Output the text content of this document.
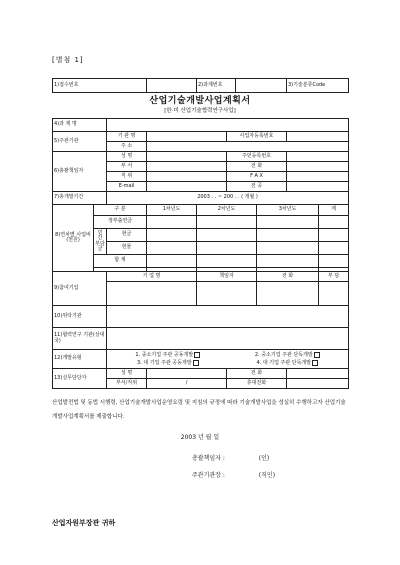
[별첨 1]
1)접수번호		2)과제번호		3)기술분류Code
산업기술개발사업계획서
[한·미 산업기술협력연구사업]
4)과 제 명								
5)주관기관		기 관 명			사업자등록번호			
		주 소						
6)총괄책임자		성 명			주민등록번호			
		부 서			전 화			
		직 위			F A X			
		E-mail			전 공			
7)총개발기간		2003 . . ~ 200 . . ( 개월 )						
8)연차별 사업비 (천원)	구 분		1차년도	2차년도		3차년도		계
	정부출연금							
	민 간 부담금	현금						
		현물						
	합 계							

9)참여기업		기 업 명		책임자		전 화		부 담

10)위탁기관								
11)협력연구 기관(상대국)								
12)개발유형		1. 중소기업 주관 공동개발 2. 중소기업 주관 단독개발
3. 대 기업 주관 공동개발 4. 대 기업 주관 단독개발						

13)실무담당자		성 명			전 화			
		부서/직위	/		휴대전화			
산업발전법 및 동법 시행령, 산업기술개발사업운영요령 및 지침의 규정에 따라 기술개발사업을 성실히 수행하고자 산업기술개발사업계획서를 제출합니다.
2003 년 월 일
총괄책임자 :	(인)
주관기관장 :	(직인)
산업자원부장관 귀하
